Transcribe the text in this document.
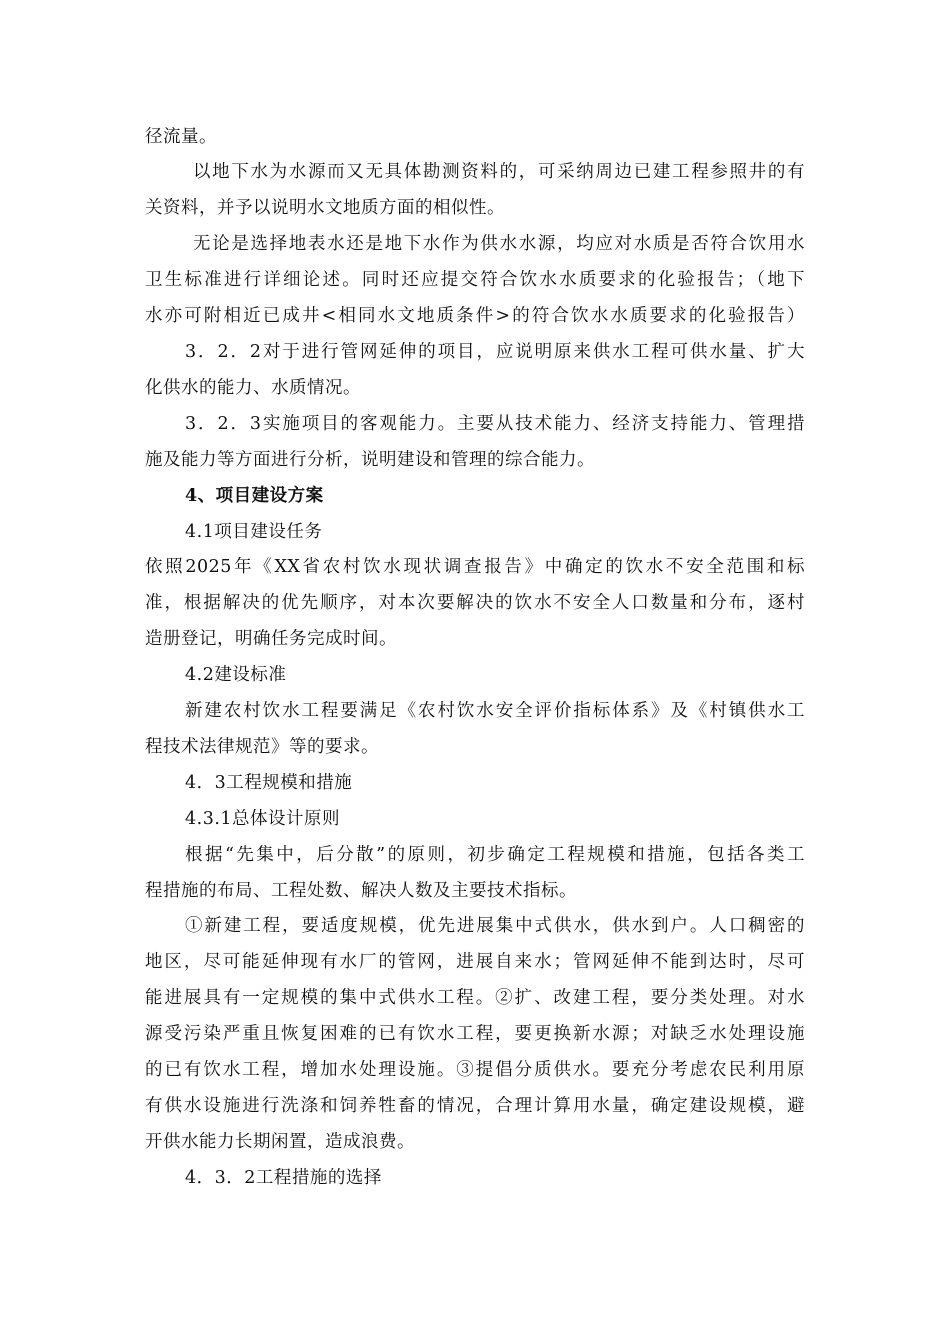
径流量。
以地下水为水源而又无具体勘测资料的，可采纳周边已建工程参照井的有
关资料，并予以说明水文地质方面的相似性。
无论是选择地表水还是地下水作为供水水源，均应对水质是否符合饮用水
卫生标准进行详细论述。同时还应提交符合饮水水质要求的化验报告；（地下
水亦可附相近已成井<相同水文地质条件>的符合饮水水质要求的化验报告）
3．2．2对于进行管网延伸的项目，应说明原来供水工程可供水量、扩大
化供水的能力、水质情况。
3．2．3实施项目的客观能力。主要从技术能力、经济支持能力、管理措
施及能力等方面进行分析，说明建设和管理的综合能力。
4、项目建设方案
4.1项目建设任务
依照2025年《XX省农村饮水现状调查报告》中确定的饮水不安全范围和标
准，根据解决的优先顺序，对本次要解决的饮水不安全人口数量和分布，逐村
造册登记，明确任务完成时间。
4.2建设标准
新建农村饮水工程要满足《农村饮水安全评价指标体系》及《村镇供水工
程技术法律规范》等的要求。
4．3工程规模和措施
4.3.1总体设计原则
根据“先集中，后分散”的原则，初步确定工程规模和措施，包括各类工
程措施的布局、工程处数、解决人数及主要技术指标。
①新建工程，要适度规模，优先进展集中式供水，供水到户。人口稠密的
地区，尽可能延伸现有水厂的管网，进展自来水；管网延伸不能到达时，尽可
能进展具有一定规模的集中式供水工程。②扩、改建工程，要分类处理。对水
源受污染严重且恢复困难的已有饮水工程，要更换新水源；对缺乏水处理设施
的已有饮水工程，增加水处理设施。③提倡分质供水。要充分考虑农民利用原
有供水设施进行洗涤和饲养牲畜的情况，合理计算用水量，确定建设规模，避
开供水能力长期闲置，造成浪费。
4．3．2工程措施的选择
